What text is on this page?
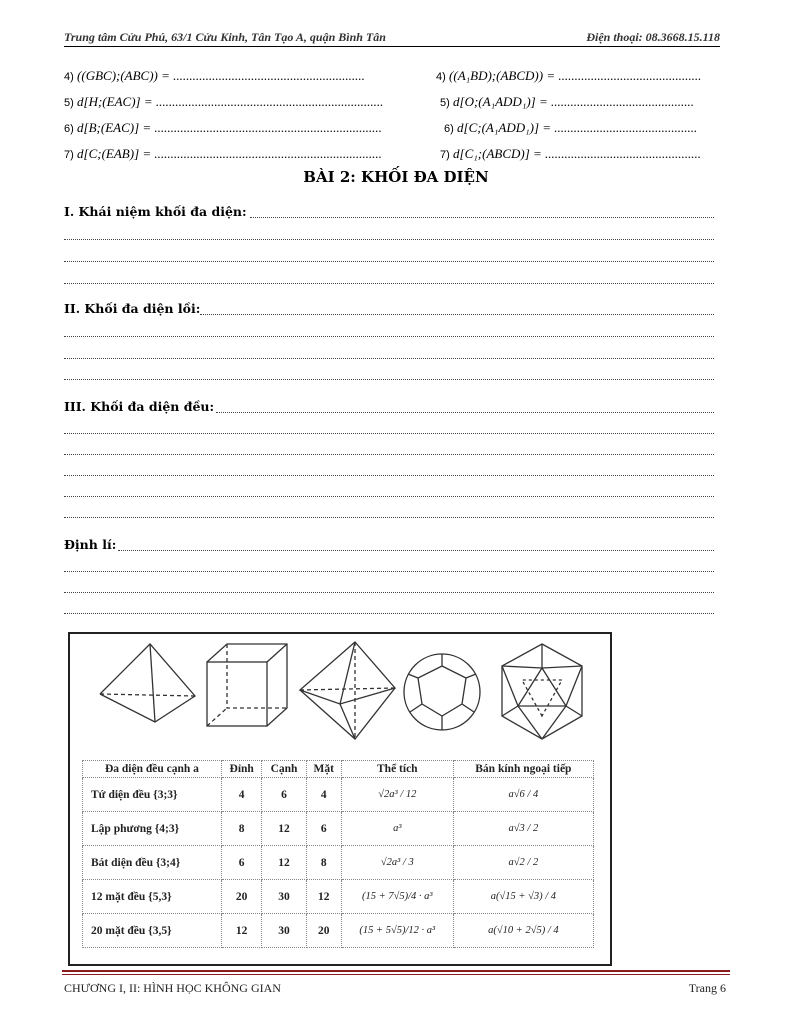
Trung tâm Cửu Phú, 63/1 Cửu Kinh, Tân Tạo A, quận Bình Tân	Điện thoại: 08.3668.15.118
4) ((GBC);(ABC)) = ...........................................................
5) d[H;(EAC)] = ......................................................................
6) d[B;(EAC)] = ......................................................................
7) d[C;(EAB)] = ......................................................................
4) ((A₁BD);(ABCD)) = ............................................
5) d[O;(A₁ADD₁)] = ............................................
6) d[C;(A₁ADD₁)] = ............................................
7) d[C₁;(ABCD)] = ................................................
BÀI 2: KHỐI ĐA DIỆN
I. Khái niệm khối đa diện:
II. Khối đa diện lồi:
III. Khối đa diện đều:
Định lí:
Đa diện đều cạnh a	Đỉnh	Cạnh	Mặt	Thể tích	Bán kính ngoại tiếp
Tứ diện đều {3;3}	4	6	4	√2a³ / 12	a√6 / 4
Lập phương {4;3}	8	12	6	a³	a√3 / 2
Bát diện đều {3;4}	6	12	8	√2a³ / 3	a√2 / 2
12 mặt đều {5,3}	20	30	12	(15 + 7√5)/4 · a³	a(√15 + √3) / 4
20 mặt đều {3,5}	12	30	20	(15 + 5√5)/12 · a³	a(√10 + 2√5) / 4
CHƯƠNG I, II: HÌNH HỌC KHÔNG GIAN	Trang 6
